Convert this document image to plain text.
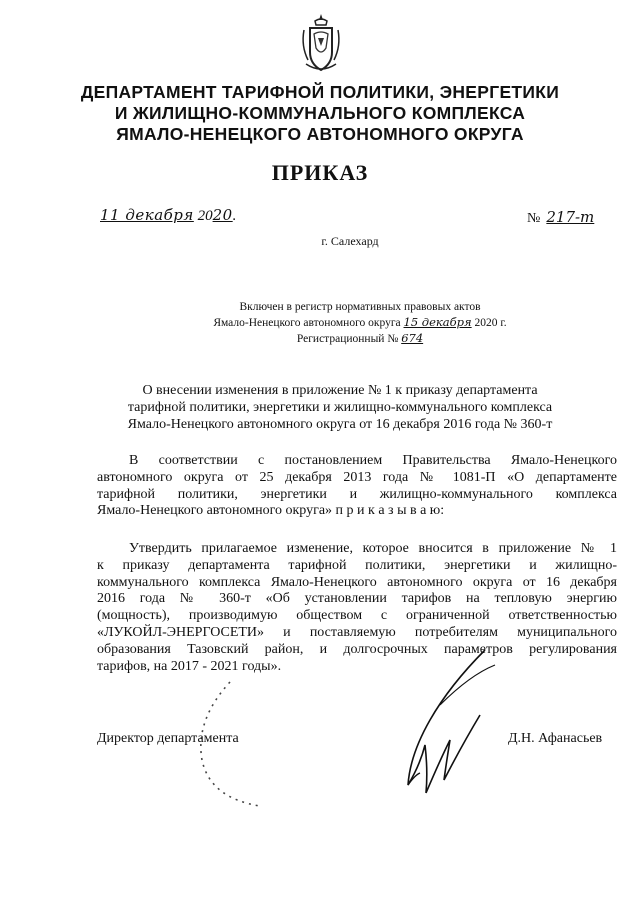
ДЕПАРТАМЕНТ ТАРИФНОЙ ПОЛИТИКИ, ЭНЕРГЕТИКИ
И ЖИЛИЩНО-КОММУНАЛЬНОГО КОМПЛЕКСА
ЯМАЛО-НЕНЕЦКОГО АВТОНОМНОГО ОКРУГА
ПРИКАЗ
11 декабря 2020.	№ 217-т
г. Салехард
Включен в регистр нормативных правовых актов
Ямало-Ненецкого автономного округа 15 декабря 2020 г.
Регистрационный № 674
О внесении изменения в приложение № 1 к приказу департамента
тарифной политики, энергетики и жилищно-коммунального комплекса
Ямало-Ненецкого автономного округа от 16 декабря 2016 года № 360-т
В соответствии с постановлением Правительства Ямало-Ненецкого
автономного округа от 25 декабря 2013 года № 1081-П «О департаменте
тарифной политики, энергетики и жилищно-коммунального комплекса
Ямало-Ненецкого автономного округа» п р и к а з ы в а ю:
Утвердить прилагаемое изменение, которое вносится в приложение № 1
к приказу департамента тарифной политики, энергетики и жилищно-
коммунального комплекса Ямало-Ненецкого автономного округа от 16 декабря
2016 года № 360-т «Об установлении тарифов на тепловую энергию
(мощность), производимую обществом с ограниченной ответственностью
«ЛУКОЙЛ-ЭНЕРГОСЕТИ» и поставляемую потребителям муниципального
образования Тазовский район, и долгосрочных параметров регулирования
тарифов, на 2017 - 2021 годы».
Директор департамента	Д.Н. Афанасьев
